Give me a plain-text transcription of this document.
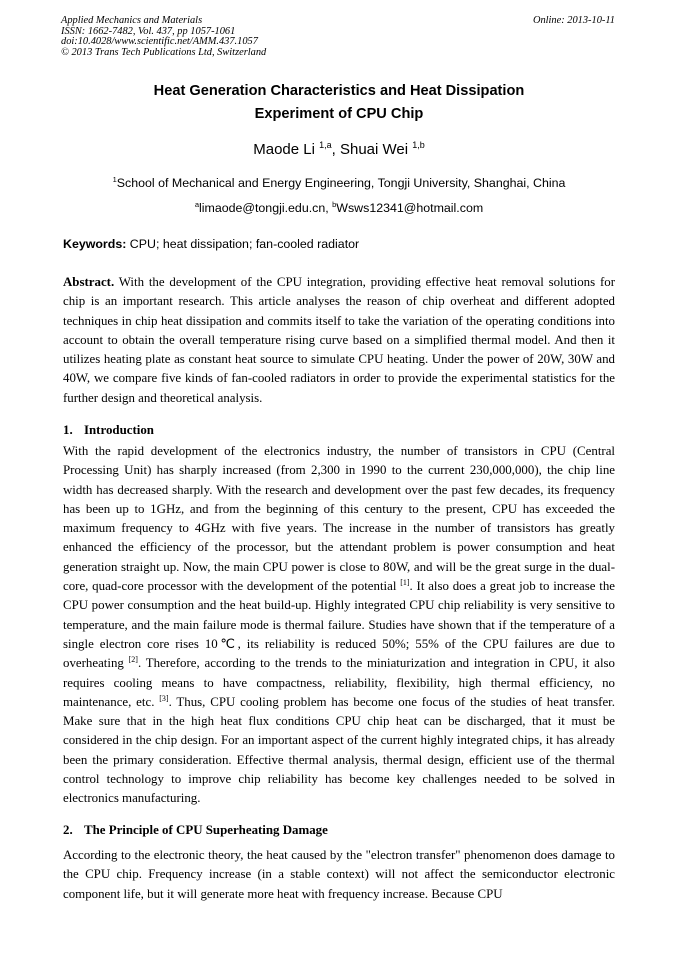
Applied Mechanics and Materials
ISSN: 1662-7482, Vol. 437, pp 1057-1061
doi:10.4028/www.scientific.net/AMM.437.1057
© 2013 Trans Tech Publications Ltd, Switzerland
Online: 2013-10-11
Heat Generation Characteristics and Heat Dissipation
Experiment of CPU Chip
Maode Li $^{1,a}$, Shuai Wei $^{1,b}$
$^1$School of Mechanical and Energy Engineering, Tongji University, Shanghai, China
$^a$limaode@tongji.edu.cn, $^b$Wsws12341@hotmail.com
Keywords: CPU; heat dissipation; fan-cooled radiator
Abstract. With the development of the CPU integration, providing effective heat removal solutions for chip is an important research. This article analyses the reason of chip overheat and different adopted techniques in chip heat dissipation and commits itself to take the variation of the operating conditions into account to obtain the overall temperature rising curve based on a simplified thermal model. And then it utilizes heating plate as constant heat source to simulate CPU heating. Under the power of 20W, 30W and 40W, we compare five kinds of fan-cooled radiators in order to provide the experimental statistics for the further design and theoretical analysis.
1. Introduction
With the rapid development of the electronics industry, the number of transistors in CPU (Central Processing Unit) has sharply increased (from 2,300 in 1990 to the current 230,000,000), the chip line width has decreased sharply. With the research and development over the past few decades, its frequency has been up to 1GHz, and from the beginning of this century to the present, CPU has exceeded the maximum frequency to 4GHz with five years. The increase in the number of transistors has greatly enhanced the efficiency of the processor, but the attendant problem is power consumption and heat generation straight up. Now, the main CPU power is close to 80W, and will be the great surge in the dual-core, quad-core processor with the development of the potential [1]. It also does a great job to increase the CPU power consumption and the heat build-up. Highly integrated CPU chip reliability is very sensitive to temperature, and the main failure mode is thermal failure. Studies have shown that if the temperature of a single electron core rises 10℃, its reliability is reduced 50%; 55% of the CPU failures are due to overheating [2]. Therefore, according to the trends to the miniaturization and integration in CPU, it also requires cooling means to have compactness, reliability, flexibility, high thermal efficiency, no maintenance, etc. [3]. Thus, CPU cooling problem has become one focus of the studies of heat transfer. Make sure that in the high heat flux conditions CPU chip heat can be discharged, that it must be considered in the chip design. For an important aspect of the current highly integrated chips, it has already been the primary consideration. Effective thermal analysis, thermal design, efficient use of the thermal control technology to improve chip reliability has become key challenges needed to be solved in electronics manufacturing.
2. The Principle of CPU Superheating Damage
According to the electronic theory, the heat caused by the "electron transfer" phenomenon does damage to the CPU chip. Frequency increase (in a stable context) will not affect the semiconductor electronic component life, but it will generate more heat with frequency increase. Because CPU
